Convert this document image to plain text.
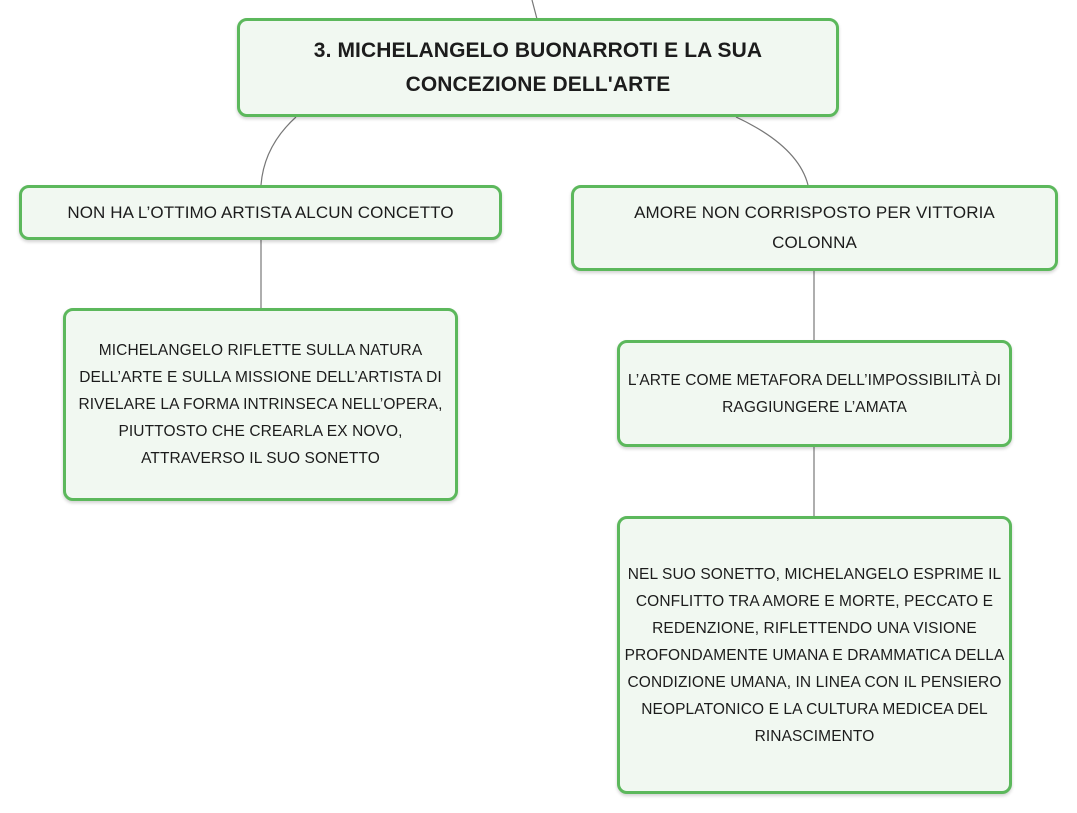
3. MICHELANGELO BUONARROTI E LA SUA CONCEZIONE DELL'ARTE
NON HA L’OTTIMO ARTISTA ALCUN CONCETTO	AMORE NON CORRISPOSTO PER VITTORIA COLONNA
MICHELANGELO RIFLETTE SULLA NATURA DELL’ARTE E SULLA MISSIONE DELL’ARTISTA DI RIVELARE LA FORMA INTRINSECA NELL’OPERA, PIUTTOSTO CHE CREARLA EX NOVO, ATTRAVERSO IL SUO SONETTO
L’ARTE COME METAFORA DELL’IMPOSSIBILITÀ DI RAGGIUNGERE L’AMATA
NEL SUO SONETTO, MICHELANGELO ESPRIME IL CONFLITTO TRA AMORE E MORTE, PECCATO E REDENZIONE, RIFLETTENDO UNA VISIONE PROFONDAMENTE UMANA E DRAMMATICA DELLA CONDIZIONE UMANA, IN LINEA CON IL PENSIERO NEOPLATONICO E LA CULTURA MEDICEA DEL RINASCIMENTO
